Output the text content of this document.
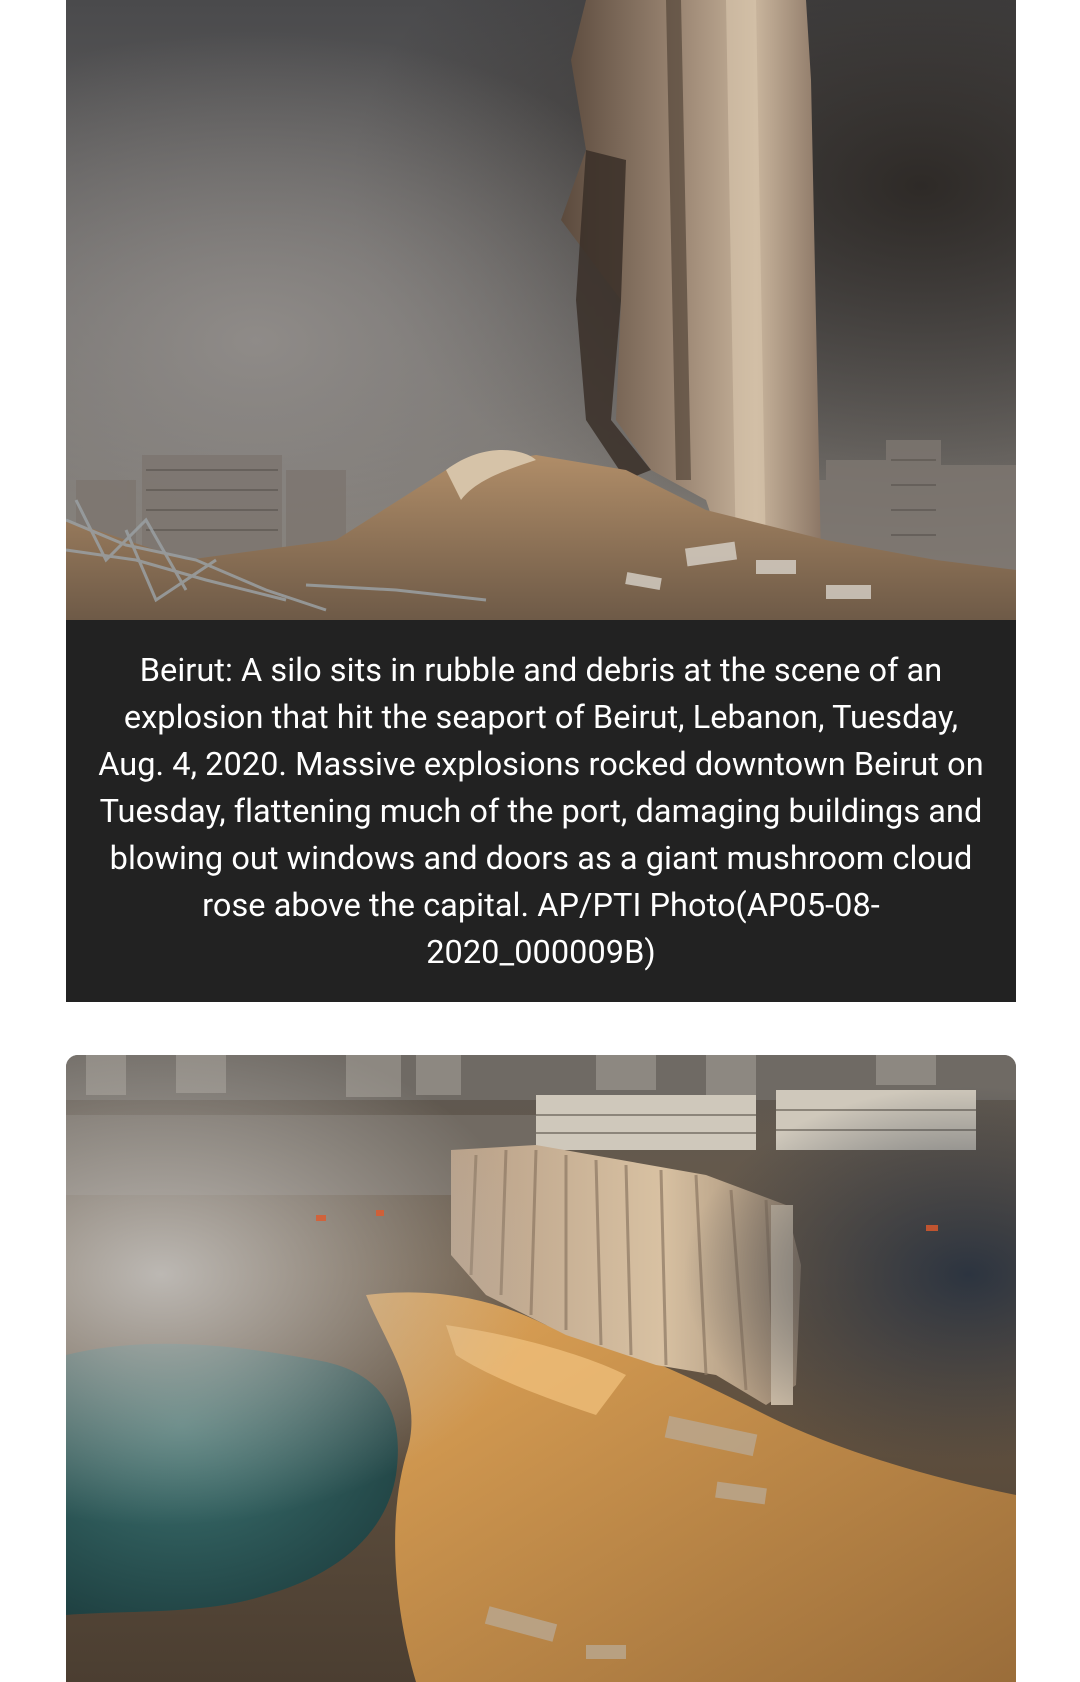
Beirut: A silo sits in rubble and debris at the scene of an explosion that hit the seaport of Beirut, Lebanon, Tuesday, Aug. 4, 2020. Massive explosions rocked downtown Beirut on Tuesday, flattening much of the port, damaging buildings and blowing out windows and doors as a giant mushroom cloud rose above the capital. AP/PTI Photo(AP05-08-2020_000009B)
